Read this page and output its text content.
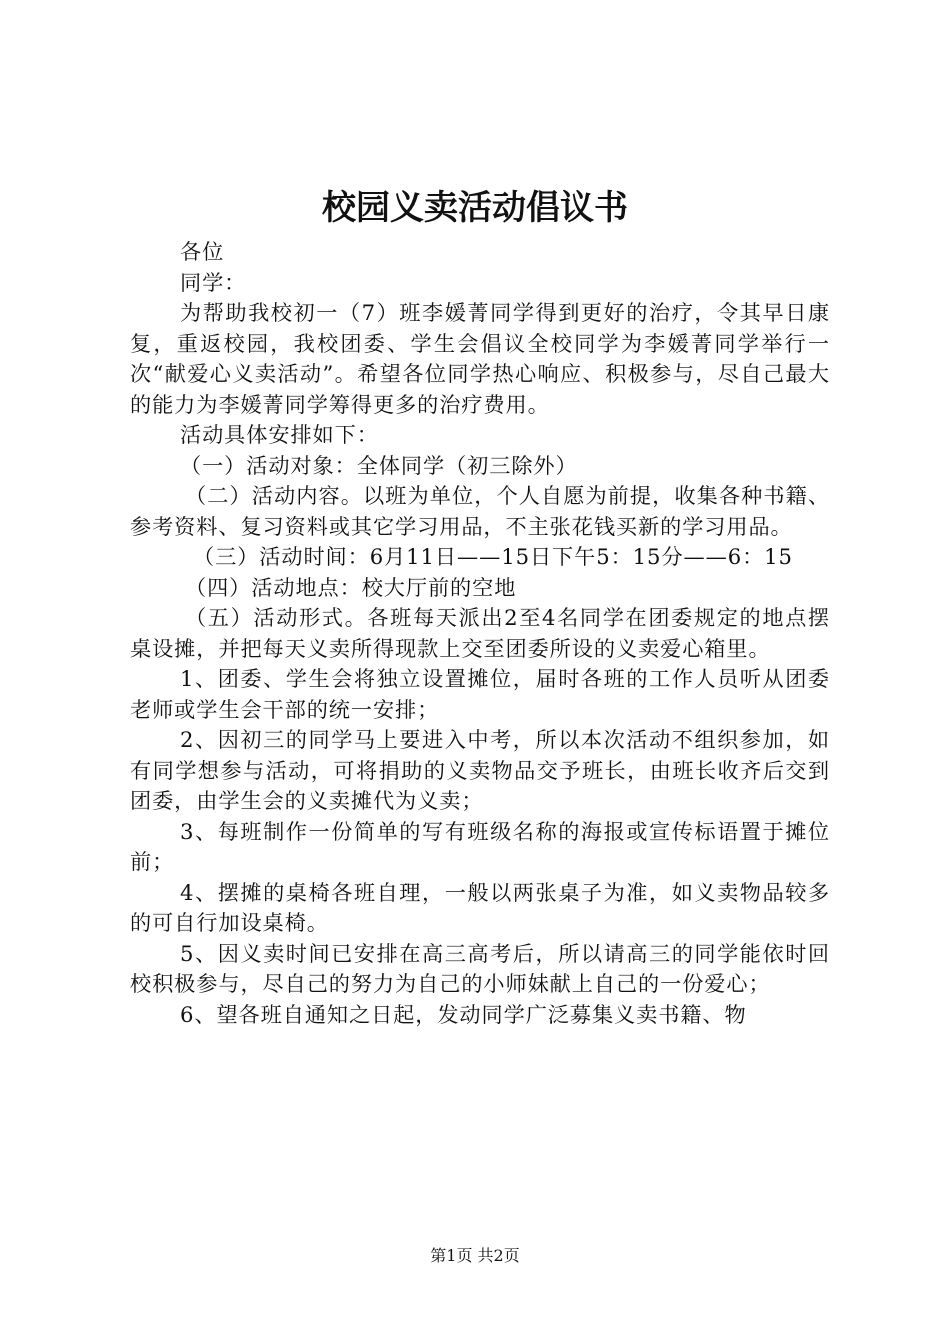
校园义卖活动倡议书

各位

同学：

为帮助我校初一（7）班李媛菁同学得到更好的治疗，令其早日康复，重返校园，我校团委、学生会倡议全校同学为李媛菁同学举行一次“献爱心义卖活动”。希望各位同学热心响应、积极参与，尽自己最大的能力为李媛菁同学筹得更多的治疗费用。

活动具体安排如下：

（一）活动对象：全体同学（初三除外）

（二）活动内容。以班为单位，个人自愿为前提，收集各种书籍、参考资料、复习资料或其它学习用品，不主张花钱买新的学习用品。

（三）活动时间：6月11日——15日下午5：15分——6：15

（四）活动地点：校大厅前的空地

（五）活动形式。各班每天派出2至4名同学在团委规定的地点摆桌设摊，并把每天义卖所得现款上交至团委所设的义卖爱心箱里。

1、团委、学生会将独立设置摊位，届时各班的工作人员听从团委老师或学生会干部的统一安排；

2、因初三的同学马上要进入中考，所以本次活动不组织参加，如有同学想参与活动，可将捐助的义卖物品交予班长，由班长收齐后交到团委，由学生会的义卖摊代为义卖；

3、每班制作一份简单的写有班级名称的海报或宣传标语置于摊位前；

4、摆摊的桌椅各班自理，一般以两张桌子为准，如义卖物品较多的可自行加设桌椅。

5、因义卖时间已安排在高三高考后，所以请高三的同学能依时回校积极参与，尽自己的努力为自己的小师妹献上自己的一份爱心；

6、望各班自通知之日起，发动同学广泛募集义卖书籍、物

第1页 共2页
